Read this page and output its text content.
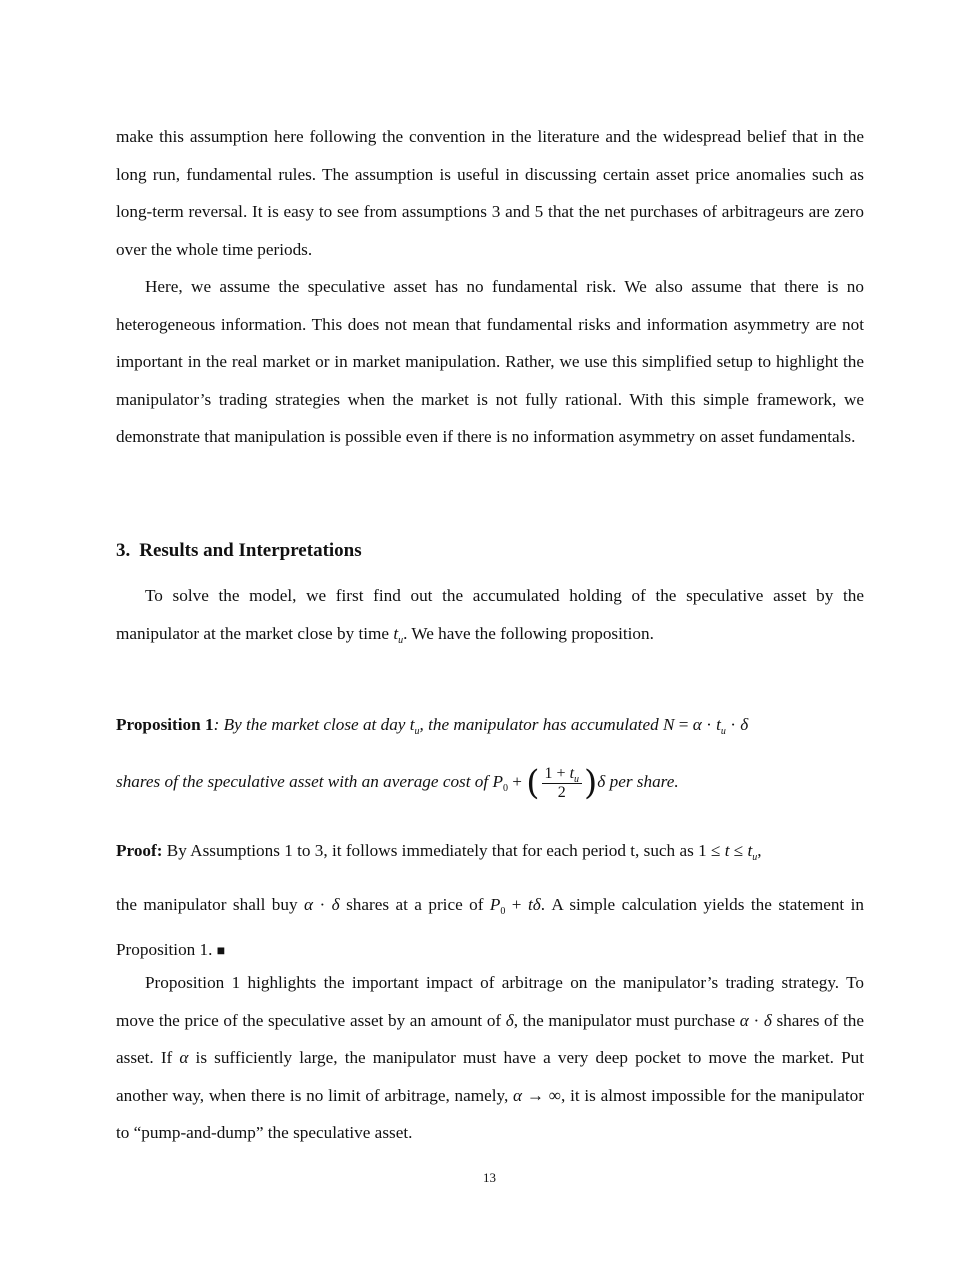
make this assumption here following the convention in the literature and the widespread belief that in the long run, fundamental rules. The assumption is useful in discussing certain asset price anomalies such as long-term reversal. It is easy to see from assumptions 3 and 5 that the net purchases of arbitrageurs are zero over the whole time periods.

Here, we assume the speculative asset has no fundamental risk. We also assume that there is no heterogeneous information. This does not mean that fundamental risks and information asymmetry are not important in the real market or in market manipulation. Rather, we use this simplified setup to highlight the manipulator’s trading strategies when the market is not fully rational. With this simple framework, we demonstrate that manipulation is possible even if there is no information asymmetry on asset fundamentals.

3. Results and Interpretations

To solve the model, we first find out the accumulated holding of the speculative asset by the manipulator at the market close by time $t_u$. We have the following proposition.

Proposition 1: By the market close at day $t_u$, the manipulator has accumulated $N = \alpha \cdot t_u \cdot \delta$

shares of the speculative asset with an average cost of $P_0$ + ( $\frac{1 + t_u}{2} )\delta$ per share.

Proof: By Assumptions 1 to 3, it follows immediately that for each period t, such as $1 \le t \le t_u$,

the manipulator shall buy α · δ shares at a price of $P_0 + t\delta$. A simple calculation yields the statement in Proposition 1. ■

Proposition 1 highlights the important impact of arbitrage on the manipulator’s trading strategy. To move the price of the speculative asset by an amount of δ, the manipulator must purchase α · δ shares of the asset. If α is sufficiently large, the manipulator must have a very deep pocket to move the market. Put another way, when there is no limit of arbitrage, namely, α → ∞, it is almost impossible for the manipulator to “pump-and-dump” the speculative asset.

13
